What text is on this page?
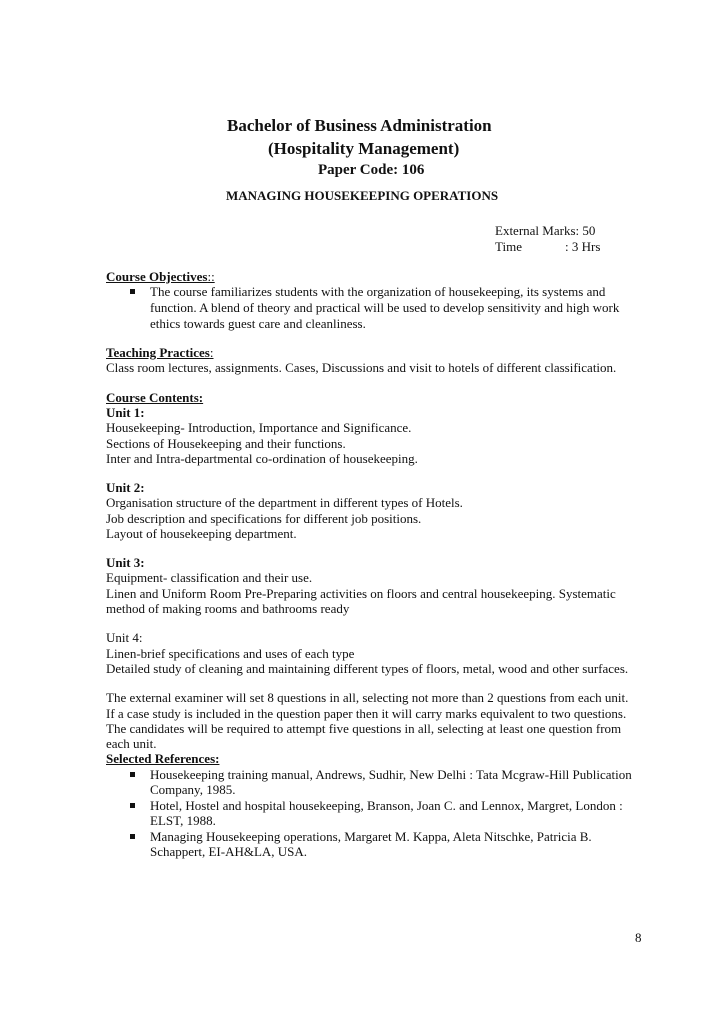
Bachelor of Business Administration
(Hospitality Management)
Paper Code: 106
MANAGING HOUSEKEEPING OPERATIONS
External Marks: 50
Time	: 3 Hrs
Course Objectives::
The course familiarizes students with the organization of housekeeping, its systems and
function. A blend of theory and practical will be used to develop sensitivity and high work
ethics towards guest care and cleanliness.
Teaching Practices:
Class room lectures, assignments. Cases, Discussions and visit to hotels of different classification.
Course Contents:
Unit 1:
Housekeeping- Introduction, Importance and Significance.
Sections of Housekeeping and their functions.
Inter and Intra-departmental co-ordination of housekeeping.
Unit 2:
Organisation structure of the department in different types of Hotels.
Job description and specifications for different job positions.
Layout of housekeeping department.
Unit 3:
Equipment- classification and their use.
Linen and Uniform Room Pre-Preparing activities on floors and central housekeeping. Systematic
method of making rooms and bathrooms ready
Unit 4:
Linen-brief specifications and uses of each type
Detailed study of cleaning and maintaining different types of floors, metal, wood and other surfaces.
The external examiner will set 8 questions in all, selecting not more than 2 questions from each unit.
If a case study is included in the question paper then it will carry marks equivalent to two questions.
The candidates will be required to attempt five questions in all, selecting at least one question from
each unit.
Selected References:
Housekeeping training manual, Andrews, Sudhir, New Delhi : Tata Mcgraw-Hill Publication
Company, 1985.
Hotel, Hostel and hospital housekeeping, Branson, Joan C. and Lennox, Margret, London :
ELST, 1988.
Managing Housekeeping operations, Margaret M. Kappa, Aleta Nitschke, Patricia B.
Schappert, EI-AH&LA, USA.
8
